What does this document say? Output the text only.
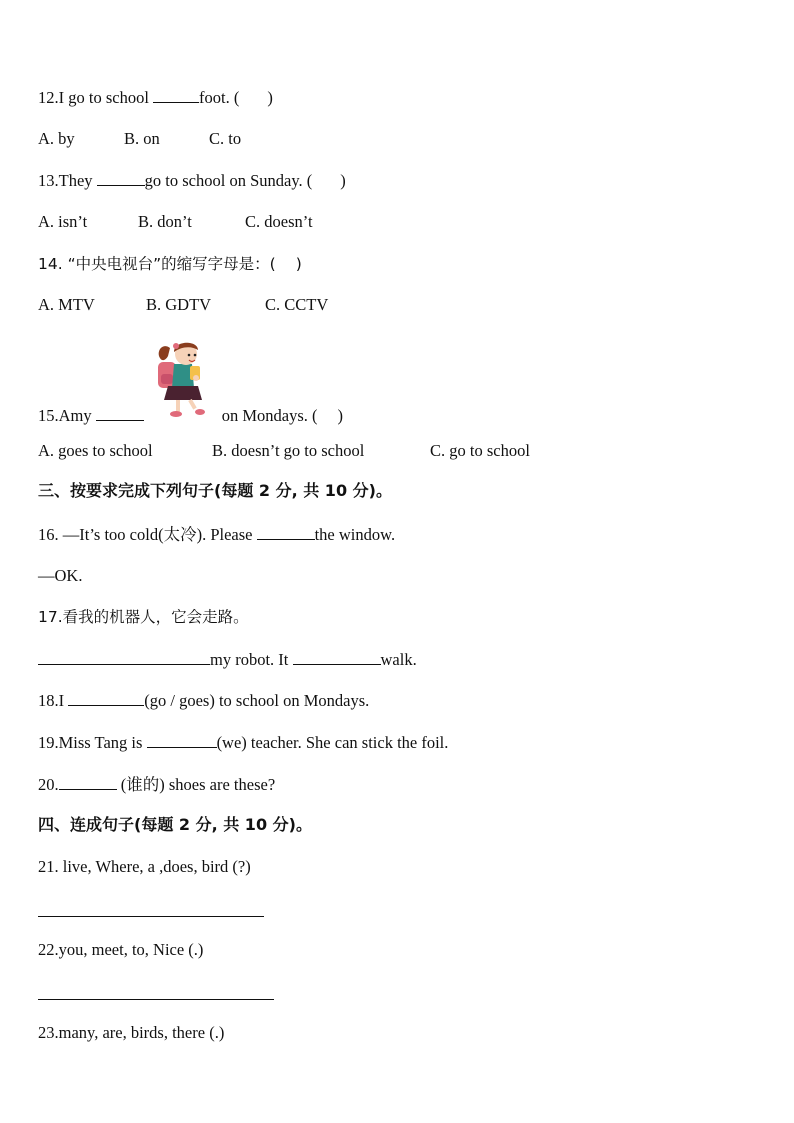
12.I go to school	foot. ( )
A. by	B. on	C. to
13.They	go to school on Sunday. ( )
A. isn’t	B. don’t	C. doesn’t
14. “中央电视台”的缩写字母是：( )
A. MTV	B. GDTV	C. CCTV
15.Amy	on Mondays. ( )
A. goes to school	B. doesn’t go to school	C. go to school
三、按要求完成下列句子(每题 2 分, 共 10 分)。
16. —It’s too cold(太冷). Please	the window.
—OK.
17.看我的机器人，它会走路。
my robot. It	walk.
18.I	(go / goes) to school on Mondays.
19.Miss Tang is	(we) teacher. She can stick the foil.
20.	(谁的) shoes are these?
四、连成句子(每题 2 分, 共 10 分)。
21. live, Where, a ,does, bird (?)
22.you, meet, to, Nice (.)
23.many, are, birds, there (.)
